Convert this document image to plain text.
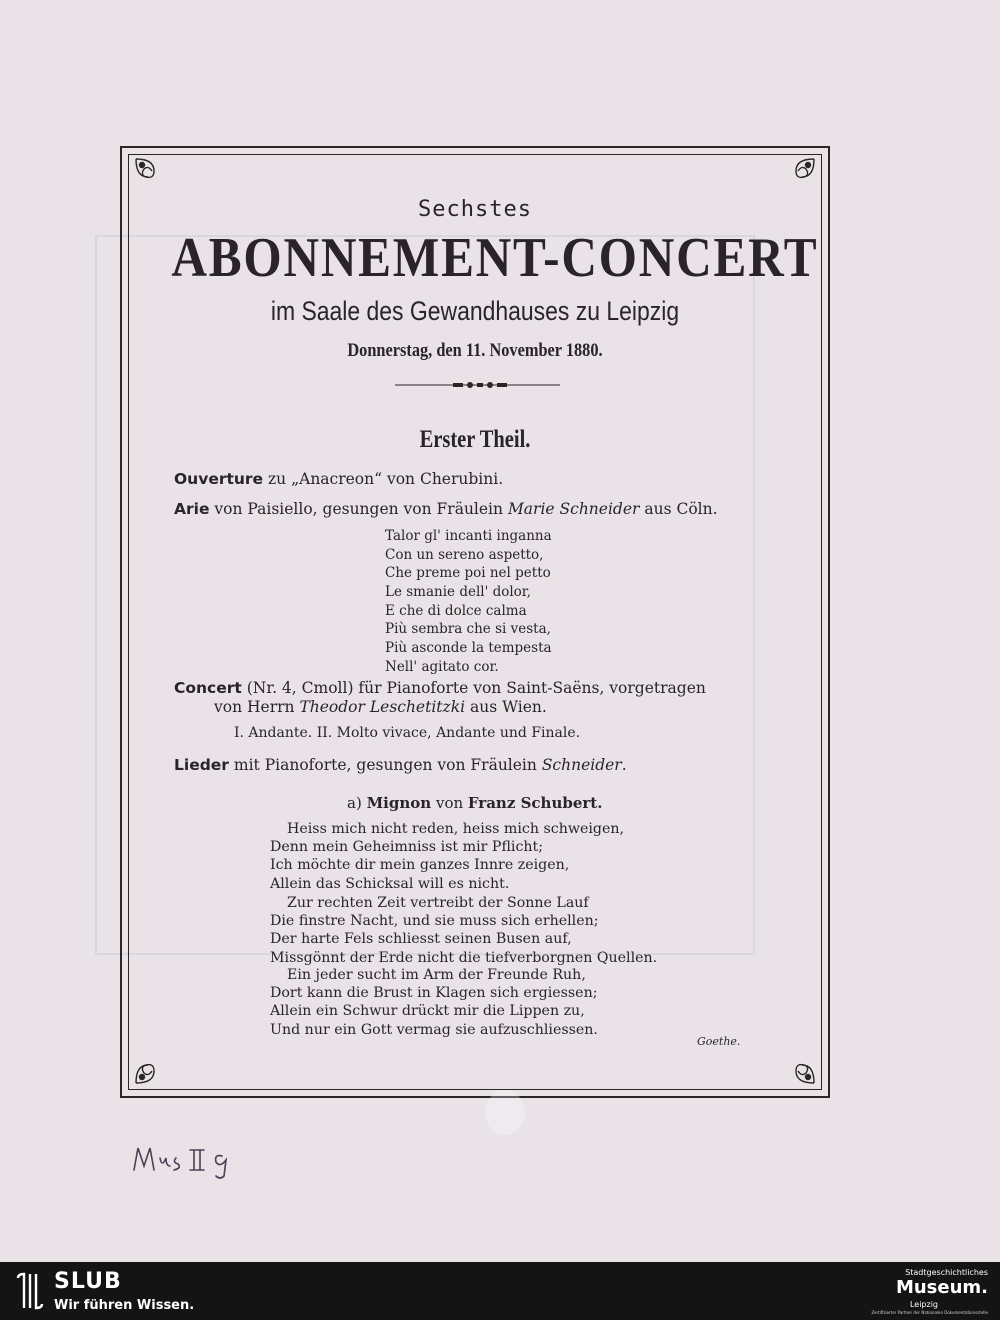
Sechstes
ABONNEMENT-CONCERT
im Saale des Gewandhauses zu Leipzig
Donnerstag, den 11. November 1880.
Erster Theil.
Ouverture zu „Anacreon“ von Cherubini.
Arie von Paisiello, gesungen von Fräulein Marie Schneider aus Cöln.
Talor gl' incanti inganna
Con un sereno aspetto,
Che preme poi nel petto
Le smanie dell' dolor,
E che di dolce calma
Più sembra che si vesta,
Più asconde la tempesta
Nell' agitato cor.
Concert (Nr. 4, Cmoll) für Pianoforte von Saint-Saëns, vorgetragen
von Herrn Theodor Leschetitzki aus Wien.
I. Andante. II. Molto vivace, Andante und Finale.
Lieder mit Pianoforte, gesungen von Fräulein Schneider.
a) Mignon von Franz Schubert.
Heiss mich nicht reden, heiss mich schweigen,
Denn mein Geheimniss ist mir Pflicht;
Ich möchte dir mein ganzes Innre zeigen,
Allein das Schicksal will es nicht.
Zur rechten Zeit vertreibt der Sonne Lauf
Die finstre Nacht, und sie muss sich erhellen;
Der harte Fels schliesst seinen Busen auf,
Missgönnt der Erde nicht die tiefverborgnen Quellen.
Ein jeder sucht im Arm der Freunde Ruh,
Dort kann die Brust in Klagen sich ergiessen;
Allein ein Schwur drückt mir die Lippen zu,
Und nur ein Gott vermag sie aufzuschliessen.
Goethe.
SLUB
Wir führen Wissen.
Stadtgeschichtliches
Museum.
Leipzig
Zertifizierter Partner der Nationalen Dokumentationsstelle
